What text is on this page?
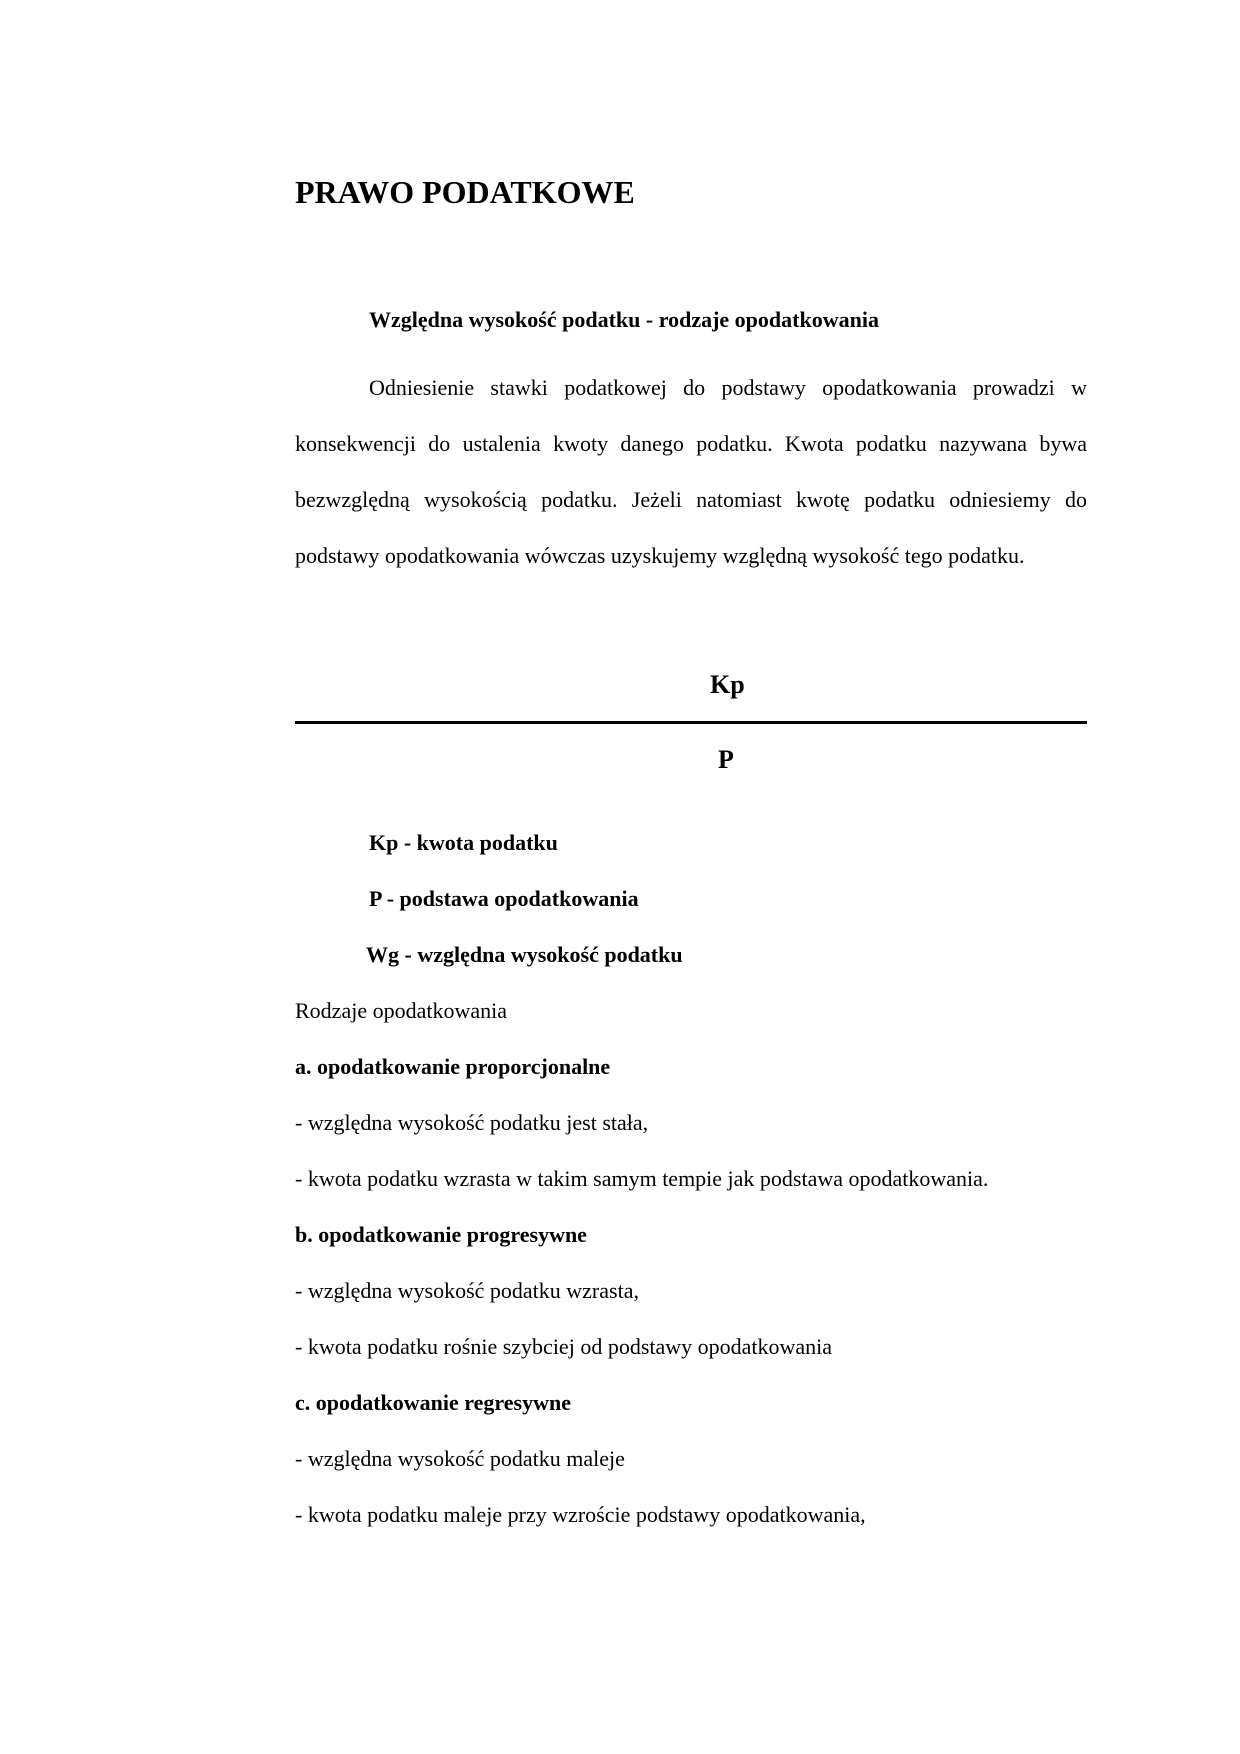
PRAWO PODATKOWE
Względna wysokość podatku - rodzaje opodatkowania

Odniesienie stawki podatkowej do podstawy opodatkowania prowadzi w konsekwencji do ustalenia kwoty danego podatku. Kwota podatku nazywana bywa bezwzględną wysokością podatku. Jeżeli natomiast kwotę podatku odniesiemy do podstawy opodatkowania wówczas uzyskujemy względną wysokość tego podatku.

Kp
P
Kp - kwota podatku
P - podstawa opodatkowania
Wg - względna wysokość podatku
Rodzaje opodatkowania
a. opodatkowanie proporcjonalne
- względna wysokość podatku jest stała,
- kwota podatku wzrasta w takim samym tempie jak podstawa opodatkowania.
b. opodatkowanie progresywne
- względna wysokość podatku wzrasta,
- kwota podatku rośnie szybciej od podstawy opodatkowania
c. opodatkowanie regresywne
- względna wysokość podatku maleje
- kwota podatku maleje przy wzroście podstawy opodatkowania,
